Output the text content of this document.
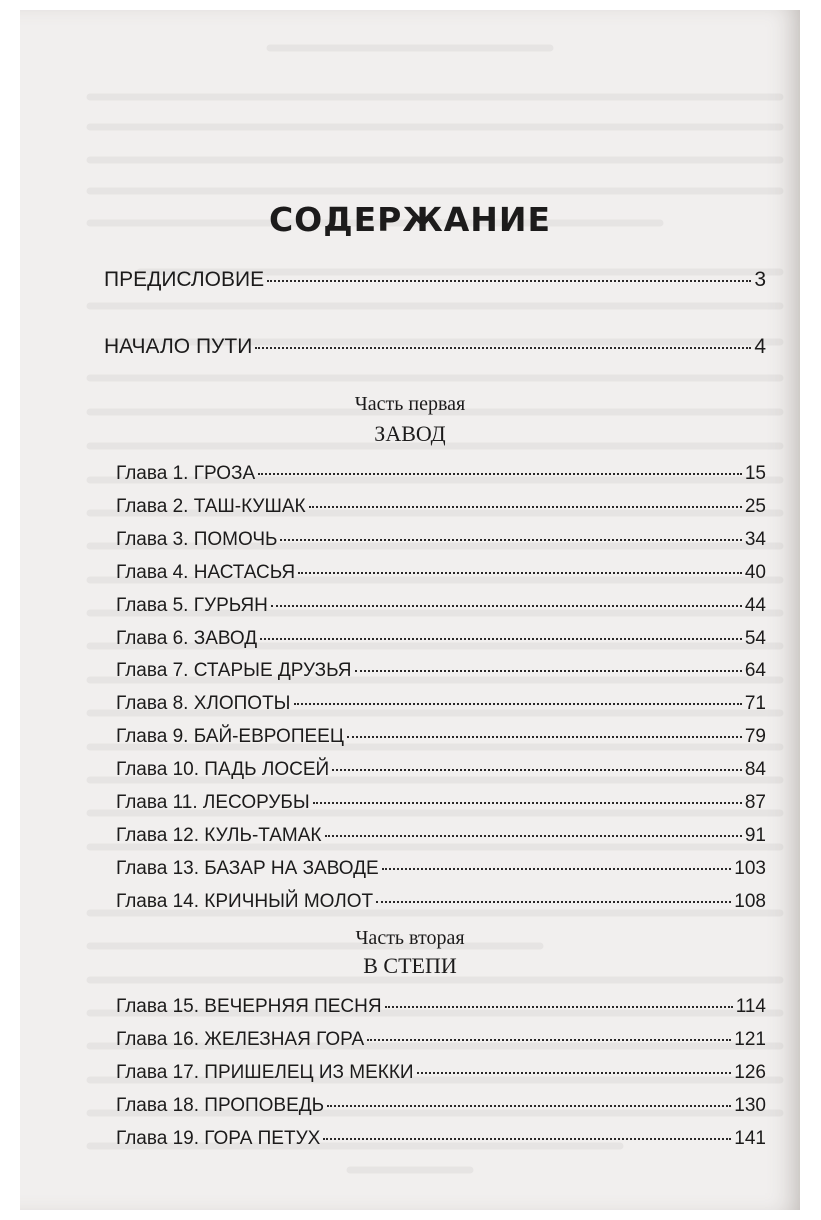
СОДЕРЖАНИЕ
ПРЕДИСЛОВИЕ	3
НАЧАЛО ПУТИ	4
Часть первая
ЗАВОД
Глава 1. ГРОЗА	15
Глава 2. ТАШ-КУШАК	25
Глава 3. ПОМОЧЬ	34
Глава 4. НАСТАСЬЯ	40
Глава 5. ГУРЬЯН	44
Глава 6. ЗАВОД	54
Глава 7. СТАРЫЕ ДРУЗЬЯ	64
Глава 8. ХЛОПОТЫ	71
Глава 9. БАЙ-ЕВРОПЕЕЦ	79
Глава 10. ПАДЬ ЛОСЕЙ	84
Глава 11. ЛЕСОРУБЫ	87
Глава 12. КУЛЬ-ТАМАК	91
Глава 13. БАЗАР НА ЗАВОДЕ	103
Глава 14. КРИЧНЫЙ МОЛОТ	108
Часть вторая
В СТЕПИ
Глава 15. ВЕЧЕРНЯЯ ПЕСНЯ	114
Глава 16. ЖЕЛЕЗНАЯ ГОРА	121
Глава 17. ПРИШЕЛЕЦ ИЗ МЕККИ	126
Глава 18. ПРОПОВЕДЬ	130
Глава 19. ГОРА ПЕТУХ	141
